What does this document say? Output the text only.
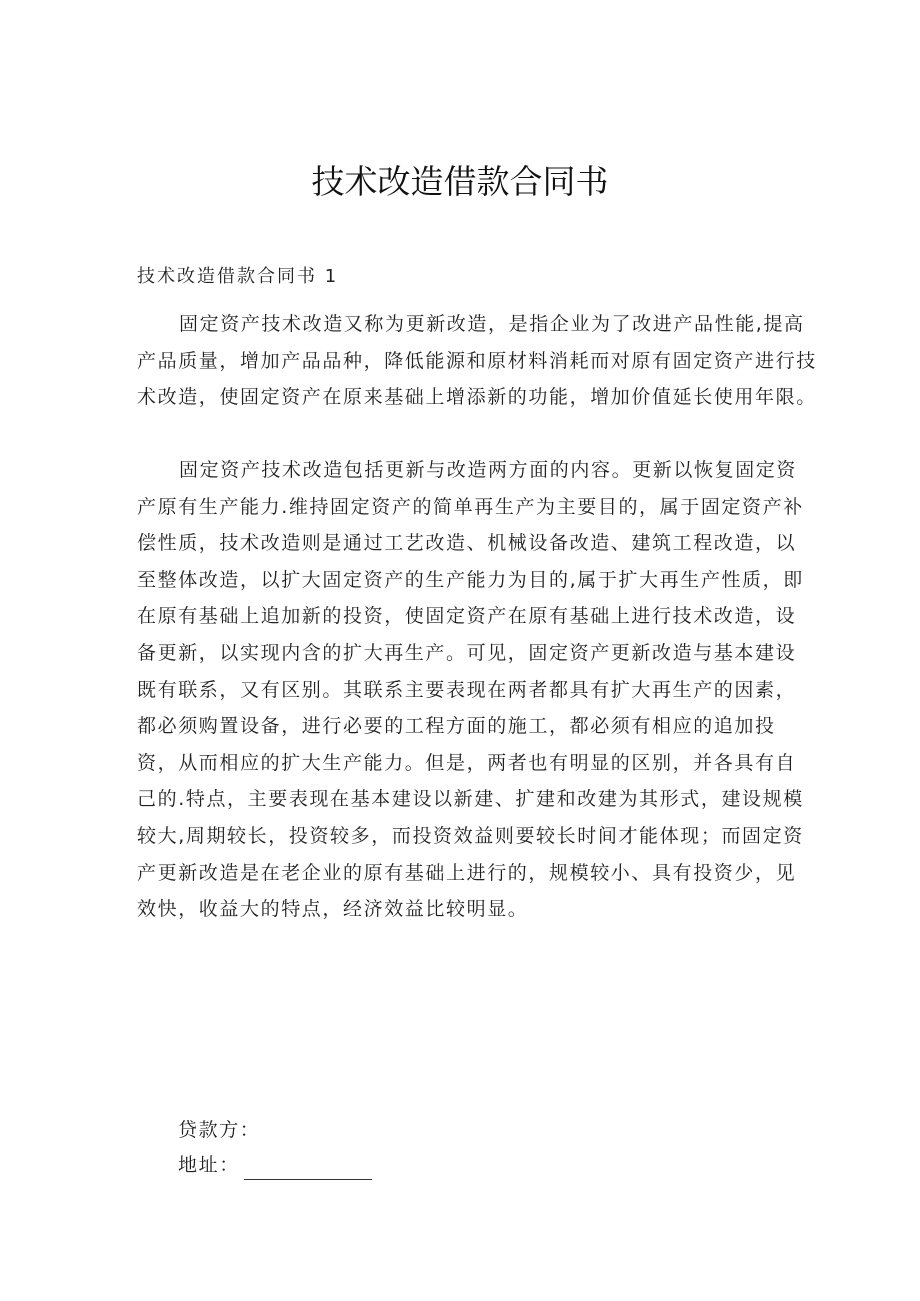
技术改造借款合同书
技术改造借款合同书 1
固定资产技术改造又称为更新改造，是指企业为了改进产品性能,提高
产品质量，增加产品品种，降低能源和原材料消耗而对原有固定资产进行技
术改造，使固定资产在原来基础上增添新的功能，增加价值延长使用年限。
固定资产技术改造包括更新与改造两方面的内容。更新以恢复固定资
产原有生产能力.维持固定资产的简单再生产为主要目的，属于固定资产补
偿性质，技术改造则是通过工艺改造、机械设备改造、建筑工程改造，以
至整体改造，以扩大固定资产的生产能力为目的,属于扩大再生产性质，即
在原有基础上追加新的投资，使固定资产在原有基础上进行技术改造，设
备更新，以实现内含的扩大再生产。可见，固定资产更新改造与基本建设
既有联系，又有区别。其联系主要表现在两者都具有扩大再生产的因素，
都必须购置设备，进行必要的工程方面的施工，都必须有相应的追加投
资，从而相应的扩大生产能力。但是，两者也有明显的区别，并各具有自
己的.特点，主要表现在基本建设以新建、扩建和改建为其形式，建设规模
较大,周期较长，投资较多，而投资效益则要较长时间才能体现；而固定资
产更新改造是在老企业的原有基础上进行的，规模较小、具有投资少，见
效快，收益大的特点，经济效益比较明显。
贷款方：
地址：
